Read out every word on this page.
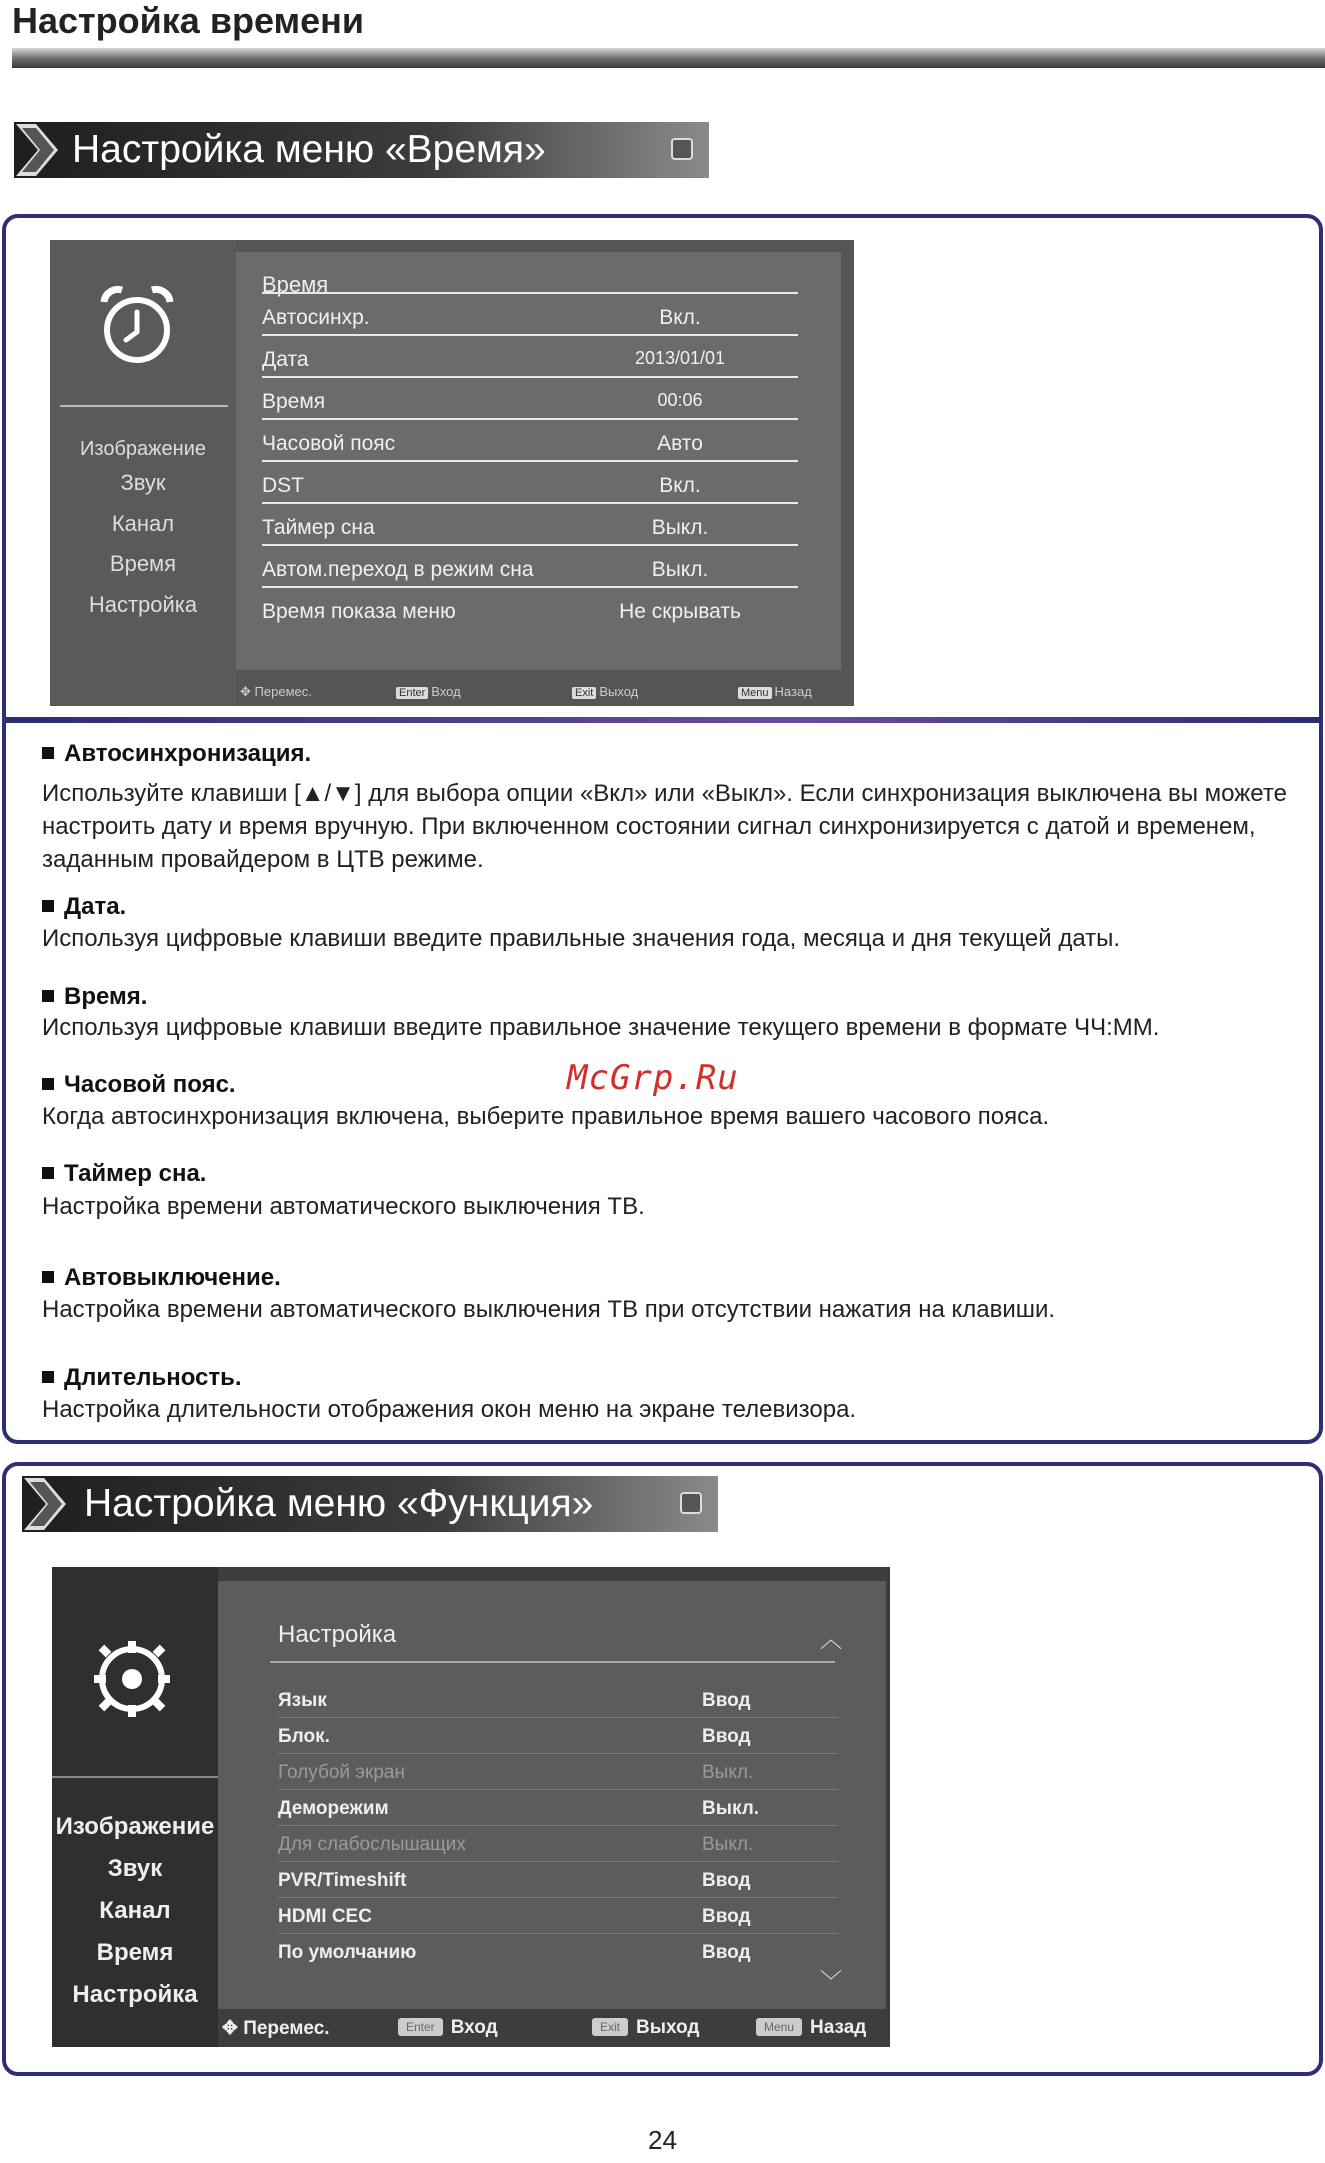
Настройка времени
Настройка меню «Время»
Изображение
Звук
Канал
Время
Настройка
Время
Автосинхр.	Вкл.
Дата	2013/01/01
Время	00:06
Часовой пояс	Авто
DST	Вкл.
Таймер сна	Выкл.
Автом.переход в режим сна	Выкл.
Время показа меню	Не скрывать
✥ Перемес.	Enter Вход	Exit Выход	Menu Назад
Автосинхронизация.
Используйте клавиши [▲/▼] для выбора опции «Вкл» или «Выкл». Если синхронизация выключена вы можете настроить дату и время вручную. При включенном состоянии сигнал синхронизируется с датой и временем, заданным провайдером в ЦТВ режиме.
Дата.
Используя цифровые клавиши введите правильные значения года, месяца и дня текущей даты.
Время.
Используя цифровые клавиши введите правильное значение текущего времени в формате ЧЧ:ММ.
Часовой пояс.
Когда автосинхронизация включена, выберите правильное время вашего часового пояса.
McGrp.Ru
Таймер сна.
Настройка времени автоматического выключения ТВ.
Автовыключение.
Настройка времени автоматического выключения ТВ при отсутствии нажатия на клавиши.
Длительность.
Настройка длительности отображения окон меню на экране телевизора.
Настройка меню «Функция»
Изображение
Звук
Канал
Время
Настройка
Настройка	︿
Язык	Ввод
Блок.	Ввод
Голубой экран	Выкл.
Деморежим	Выкл.
Для слабослышащих	Выкл.
PVR/Timeshift	Ввод
HDMI CEC	Ввод
По умолчанию	Ввод
﹀
✥ Перемес.	Enter Вход	Exit Выход	Menu Назад
24
